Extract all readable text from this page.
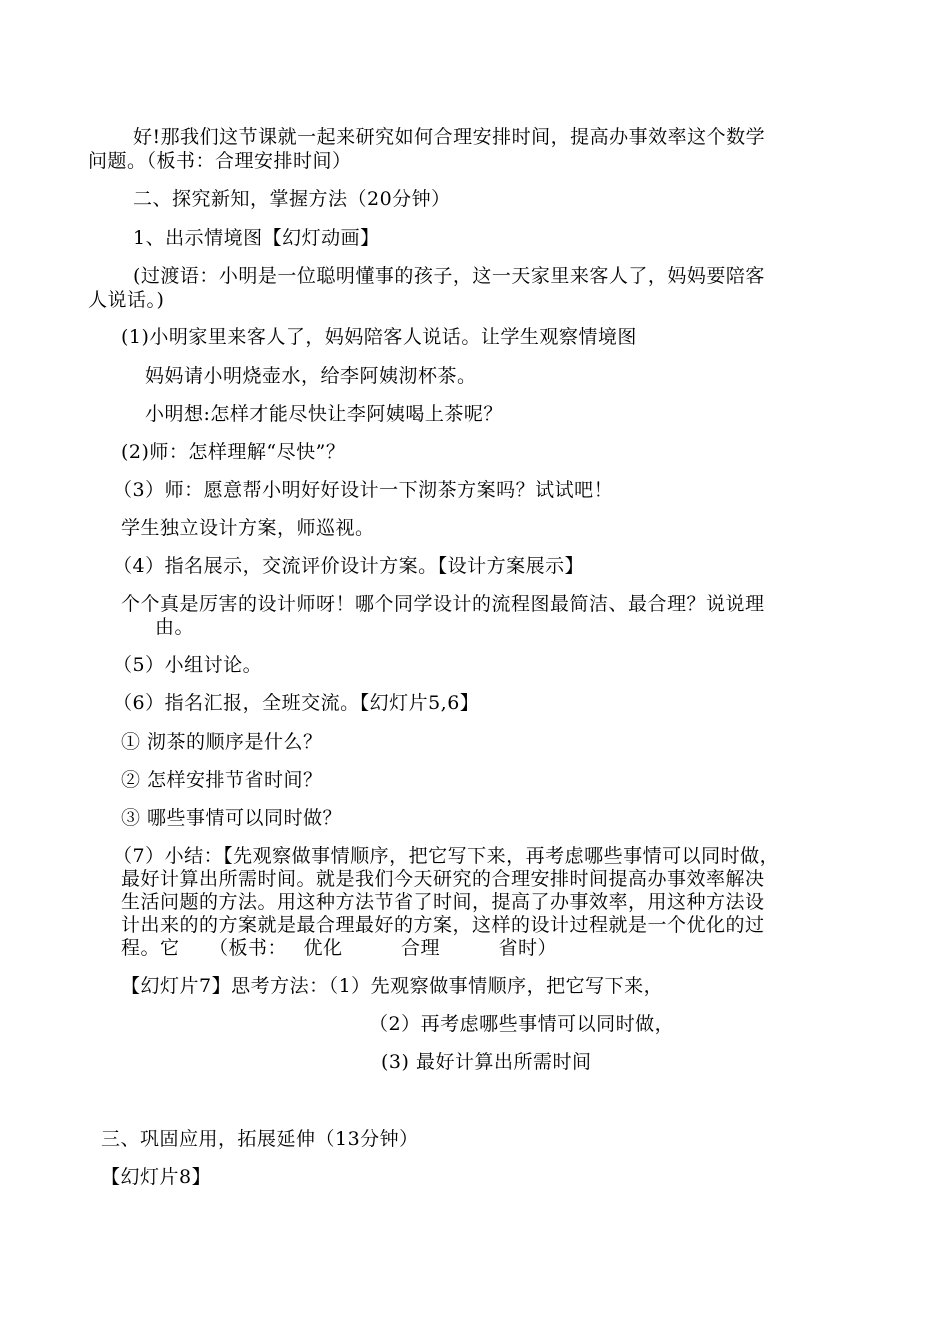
好!那我们这节课就一起来研究如何合理安排时间，提高办事效率这个数学
问题。（板书：合理安排时间）
二、探究新知，掌握方法（20分钟）
1、出示情境图【幻灯动画】
(过渡语：小明是一位聪明懂事的孩子，这一天家里来客人了，妈妈要陪客
人说话。)
(1)小明家里来客人了，妈妈陪客人说话。让学生观察情境图
妈妈请小明烧壶水，给李阿姨沏杯茶。
小明想:怎样才能尽快让李阿姨喝上茶呢？
(2)师：怎样理解“尽快”？
（3）师：愿意帮小明好好设计一下沏茶方案吗？试试吧！
学生独立设计方案，师巡视。
（4）指名展示，交流评价设计方案。【设计方案展示】
个个真是厉害的设计师呀！哪个同学设计的流程图最简洁、最合理？说说理
由。
（5）小组讨论。
（6）指名汇报，全班交流。【幻灯片5,6】
① 沏茶的顺序是什么？
② 怎样安排节省时间？
③ 哪些事情可以同时做？
（7）小结：【先观察做事情顺序，把它写下来，再考虑哪些事情可以同时做，
最好计算出所需时间。就是我们今天研究的合理安排时间提高办事效率解决
生活问题的方法。用这种方法节省了时间，提高了办事效率，用这种方法设
计出来的的方案就是最合理最好的方案，这样的设计过程就是一个优化的过
程。它　　（板书：　 优化　　　合理　　　省时）
【幻灯片7】思考方法：（1）先观察做事情顺序，把它写下来，
（2）再考虑哪些事情可以同时做，
(3) 最好计算出所需时间
三、巩固应用，拓展延伸（13分钟）
【幻灯片8】
